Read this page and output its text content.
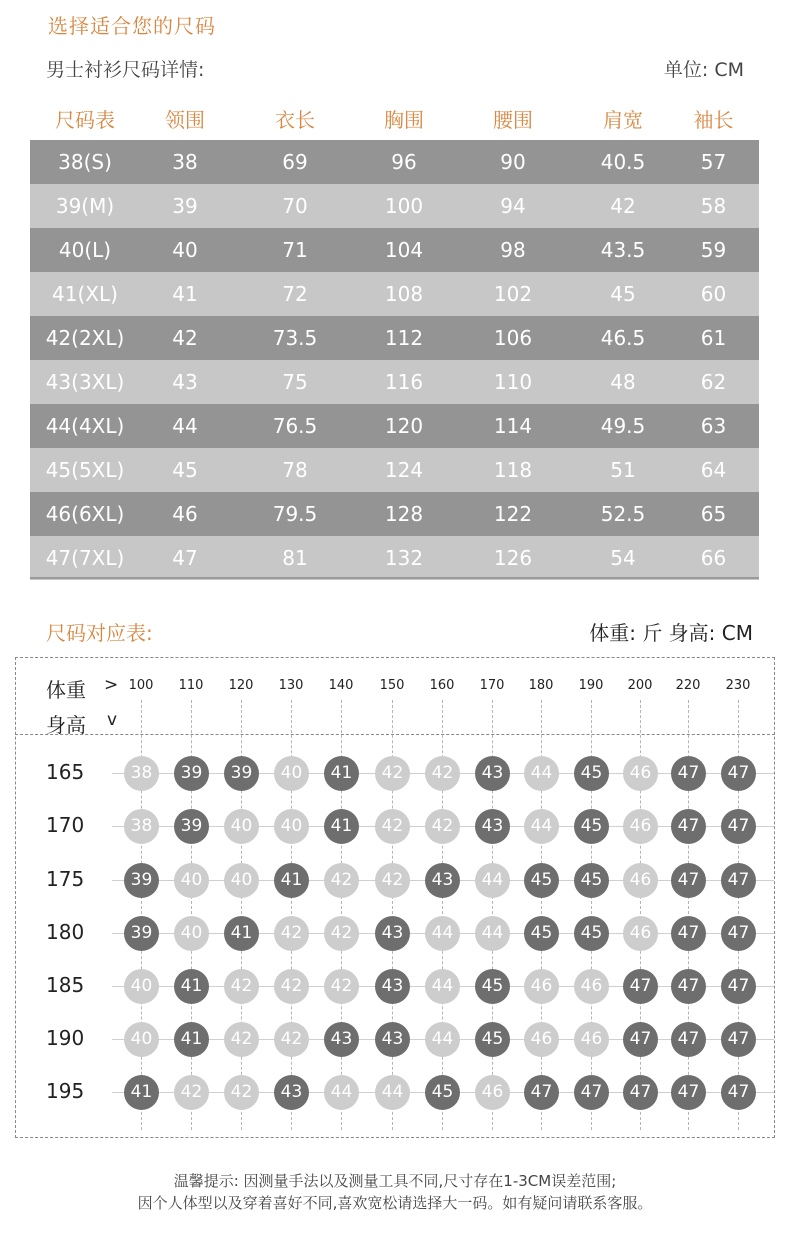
选择适合您的尺码
男士衬衫尺码详情:	单位: CM
尺码表	领围	衣长	胸围	腰围	肩宽	袖长
38(S)	38	69	96	90	40.5	57
39(M)	39	70	100	94	42	58
40(L)	40	71	104	98	43.5	59
41(XL)	41	72	108	102	45	60
42(2XL)	42	73.5	112	106	46.5	61
43(3XL)	43	75	116	110	48	62
44(4XL)	44	76.5	120	114	49.5	63
45(5XL)	45	78	124	118	51	64
46(6XL)	46	79.5	128	122	52.5	65
47(7XL)	47	81	132	126	54	66
尺码对应表:	体重: 斤 身高: CM
体重 >
身高 v
100	110	120	130	140	150	160	170	180	190	200	220	230
165	38	39	39	40	41	42	42	43	44	45	46	47	47
170	38	39	40	40	41	42	42	43	44	45	46	47	47
175	39	40	40	41	42	42	43	44	45	45	46	47	47
180	39	40	41	42	42	43	44	44	45	45	46	47	47
185	40	41	42	42	42	43	44	45	46	46	47	47	47
190	40	41	42	42	43	43	44	45	46	46	47	47	47
195	41	42	42	43	44	44	45	46	47	47	47	47	47
温馨提示: 因测量手法以及测量工具不同,尺寸存在1-3CM误差范围;
因个人体型以及穿着喜好不同,喜欢宽松请选择大一码。如有疑问请联系客服。
